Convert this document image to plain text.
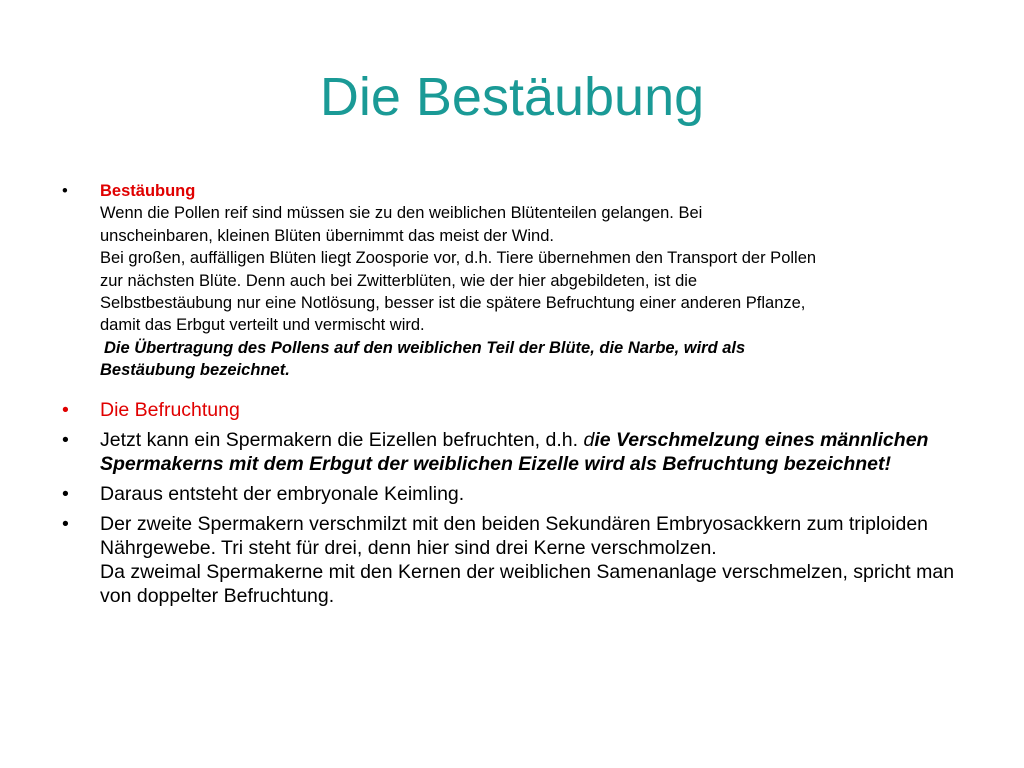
Die Bestäubung
• Bestäubung
Wenn die Pollen reif sind müssen sie zu den weiblichen Blütenteilen gelangen. Bei
unscheinbaren, kleinen Blüten übernimmt das meist der Wind.
Bei großen, auffälligen Blüten liegt Zoosporie vor, d.h. Tiere übernehmen den Transport der Pollen
zur nächsten Blüte. Denn auch bei Zwitterblüten, wie der hier abgebildeten, ist die
Selbstbestäubung nur eine Notlösung, besser ist die spätere Befruchtung einer anderen Pflanze,
damit das Erbgut verteilt und vermischt wird.
Die Übertragung des Pollens auf den weiblichen Teil der Blüte, die Narbe, wird als
Bestäubung bezeichnet.
• Die Befruchtung
• Jetzt kann ein Spermakern die Eizellen befruchten, d.h. die Verschmelzung eines männlichen Spermakerns mit dem Erbgut der weiblichen Eizelle wird als Befruchtung bezeichnet!
• Daraus entsteht der embryonale Keimling.
• Der zweite Spermakern verschmilzt mit den beiden Sekundären Embryosackkern zum triploiden Nährgewebe. Tri steht für drei, denn hier sind drei Kerne verschmolzen.
Da zweimal Spermakerne mit den Kernen der weiblichen Samenanlage verschmelzen, spricht man von doppelter Befruchtung.
